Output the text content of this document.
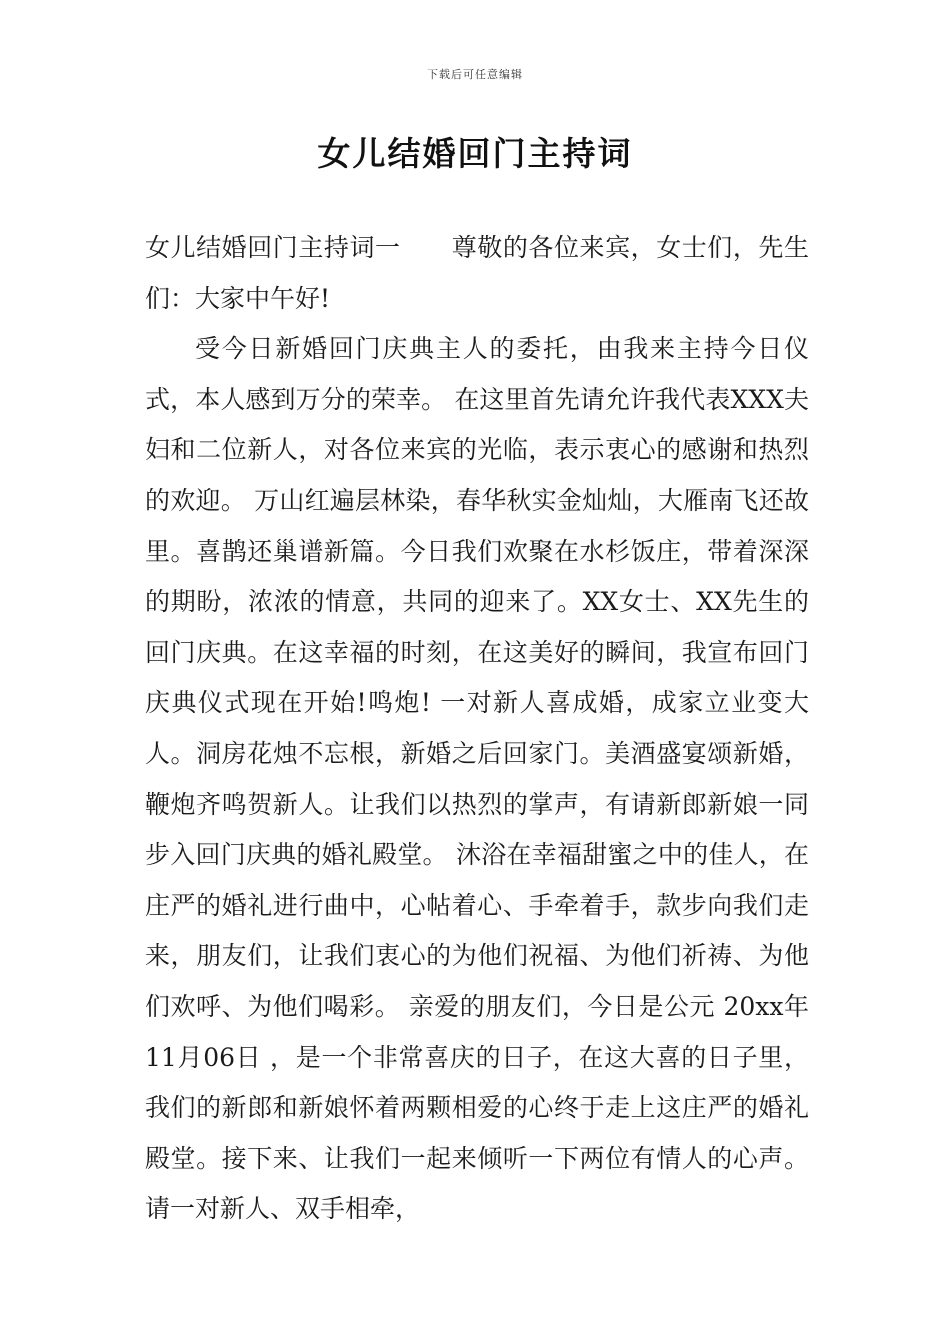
下载后可任意编辑
女儿结婚回门主持词

女儿结婚回门主持词一　　尊敬的各位来宾，女士们，先生们：大家中午好!

受今日新婚回门庆典主人的委托，由我来主持今日仪式，本人感到万分的荣幸。 在这里首先请允许我代表XXX夫妇和二位新人，对各位来宾的光临，表示衷心的感谢和热烈的欢迎。 万山红遍层林染，春华秋实金灿灿，大雁南飞还故里。喜鹊还巢谱新篇。今日我们欢聚在水杉饭庄，带着深深的期盼，浓浓的情意，共同的迎来了。XX女士、XX先生的回门庆典。在这幸福的时刻，在这美好的瞬间，我宣布回门庆典仪式现在开始!鸣炮! 一对新人喜成婚，成家立业变大人。洞房花烛不忘根，新婚之后回家门。美酒盛宴颂新婚，鞭炮齐鸣贺新人。让我们以热烈的掌声，有请新郎新娘一同步入回门庆典的婚礼殿堂。 沐浴在幸福甜蜜之中的佳人，在庄严的婚礼进行曲中，心帖着心、手牵着手，款步向我们走来，朋友们，让我们衷心的为他们祝福、为他们祈祷、为他们欢呼、为他们喝彩。 亲爱的朋友们，今日是公元 20xx年 11月06日 ，是一个非常喜庆的日子，在这大喜的日子里，我们的新郎和新娘怀着两颗相爱的心终于走上这庄严的婚礼殿堂。接下来、让我们一起来倾听一下两位有情人的心声。请一对新人、双手相牵，
